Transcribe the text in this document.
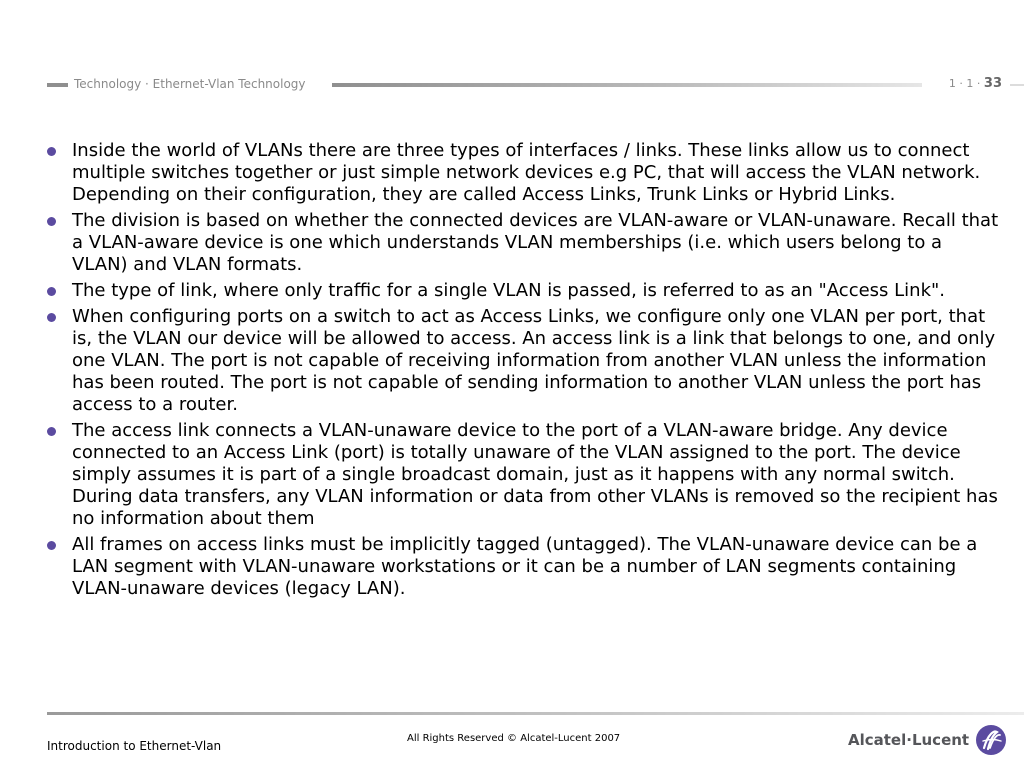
Technology · Ethernet-Vlan Technology	1 · 1 · 33
Inside the world of VLANs there are three types of interfaces / links. These links allow us to connect multiple switches together or just simple network devices e.g PC, that will access the VLAN network. Depending on their configuration, they are called Access Links, Trunk Links or Hybrid Links.
The division is based on whether the connected devices are VLAN-aware or VLAN-unaware. Recall that a VLAN-aware device is one which understands VLAN memberships (i.e. which users belong to a VLAN) and VLAN formats.
The type of link, where only traffic for a single VLAN is passed, is referred to as an "Access Link".
When configuring ports on a switch to act as Access Links, we configure only one VLAN per port, that is, the VLAN our device will be allowed to access. An access link is a link that belongs to one, and only one VLAN. The port is not capable of receiving information from another VLAN unless the information has been routed. The port is not capable of sending information to another VLAN unless the port has access to a router.
The access link connects a VLAN-unaware device to the port of a VLAN-aware bridge. Any device connected to an Access Link (port) is totally unaware of the VLAN assigned to the port. The device simply assumes it is part of a single broadcast domain, just as it happens with any normal switch. During data transfers, any VLAN information or data from other VLANs is removed so the recipient has no information about them
All frames on access links must be implicitly tagged (untagged). The VLAN-unaware device can be a LAN segment with VLAN-unaware workstations or it can be a number of LAN segments containing VLAN-unaware devices (legacy LAN).
Introduction to Ethernet-Vlan
All Rights Reserved © Alcatel-Lucent 2007	Alcatel·Lucent
